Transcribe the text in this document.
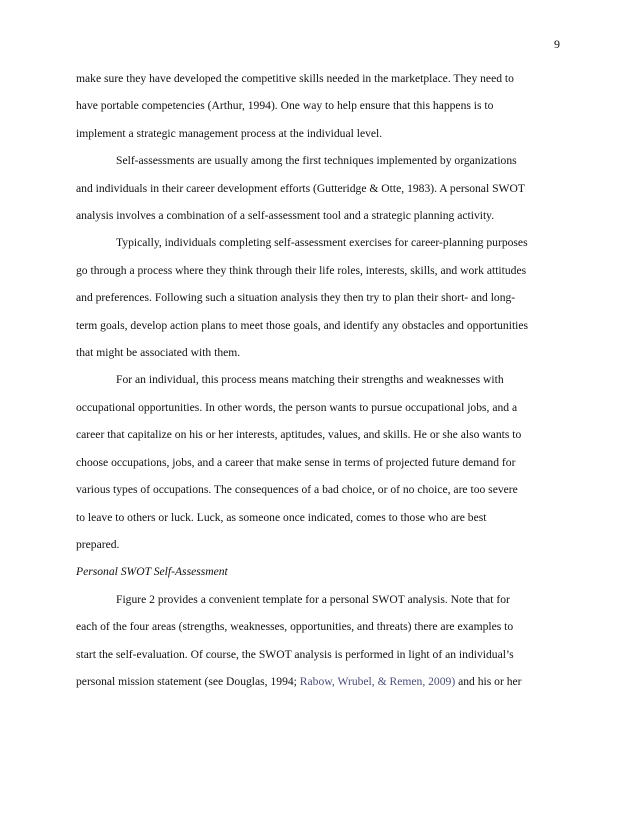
9

make sure they have developed the competitive skills needed in the marketplace. They need to

have portable competencies (Arthur, 1994). One way to help ensure that this happens is to

implement a strategic management process at the individual level.

Self-assessments are usually among the first techniques implemented by organizations

and individuals in their career development efforts (Gutteridge & Otte, 1983). A personal SWOT

analysis involves a combination of a self-assessment tool and a strategic planning activity.

Typically, individuals completing self-assessment exercises for career-planning purposes

go through a process where they think through their life roles, interests, skills, and work attitudes

and preferences. Following such a situation analysis they then try to plan their short- and long-

term goals, develop action plans to meet those goals, and identify any obstacles and opportunities

that might be associated with them.

For an individual, this process means matching their strengths and weaknesses with

occupational opportunities. In other words, the person wants to pursue occupational jobs, and a

career that capitalize on his or her interests, aptitudes, values, and skills. He or she also wants to

choose occupations, jobs, and a career that make sense in terms of projected future demand for

various types of occupations. The consequences of a bad choice, or of no choice, are too severe

to leave to others or luck. Luck, as someone once indicated, comes to those who are best

prepared.

Personal SWOT Self-Assessment

Figure 2 provides a convenient template for a personal SWOT analysis. Note that for

each of the four areas (strengths, weaknesses, opportunities, and threats) there are examples to

start the self-evaluation. Of course, the SWOT analysis is performed in light of an individual’s

personal mission statement (see Douglas, 1994; Rabow, Wrubel, & Remen, 2009) and his or her
